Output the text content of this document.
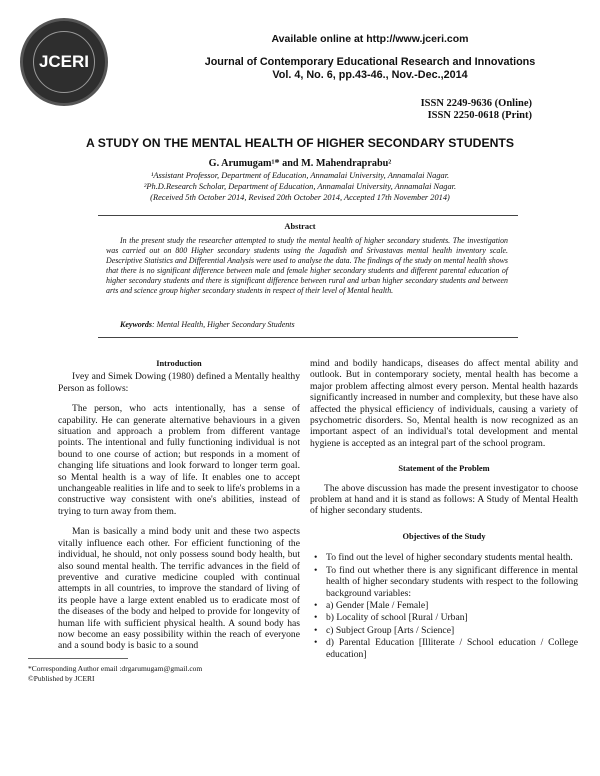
JCERI
Available online at http://www.jceri.com
Journal of Contemporary Educational Research and Innovations
Vol. 4, No. 6, pp.43-46., Nov.-Dec.,2014
ISSN 2249-9636 (Online)
ISSN 2250-0618 (Print)
A STUDY ON THE MENTAL HEALTH OF HIGHER SECONDARY STUDENTS
G. Arumugam¹* and M. Mahendraprabu²
¹Assistant Professor, Department of Education, Annamalai University, Annamalai Nagar.
²Ph.D.Research Scholar, Department of Education, Annamalai University, Annamalai Nagar.
(Received 5th October 2014, Revised 20th October 2014, Accepted 17th November 2014)
Abstract
In the present study the researcher attempted to study the mental health of higher secondary students. The investigation was carried out on 800 Higher secondary students using the Jagadish and Srivastavas mental health inventory scale. Descriptive Statistics and Differential Analysis were used to analyse the data. The findings of the study on mental health shows that there is no significant difference between male and female higher secondary students and different parental education of higher secondary students and there is significant difference between rural and urban higher secondary students and between arts and science group higher secondary students in respect of their level of Mental health.
Keywords: Mental Health, Higher Secondary Students
Introduction

Ivey and Simek Dowing (1980) defined a Mentally healthy Person as follows:

The person, who acts intentionally, has a sense of capability. He can generate alternative behaviours in a given situation and approach a problem from different vantage points. The intentional and fully functioning individual is not bound to one course of action; but responds in a moment of changing life situations and look forward to longer term goal. so Mental health is a way of life. It enables one to accept unchangeable realities in life and to seek to life's problems in a constructive way consistent with one's abilities, instead of trying to turn away from them.

Man is basically a mind body unit and these two aspects vitally influence each other. For efficient functioning of the individual, he should, not only possess sound body health, but also sound mental health. The terrific advances in the field of preventive and curative medicine coupled with continual attempts in all countries, to improve the standard of living of its people have a large extent enabled us to eradicate most of the diseases of the body and helped to provide for longevity of human life with sufficient physical health. A sound body has now become an easy possibility within the reach of everyone and a sound body is basic to a sound

*Corresponding Author email :drgarumugam@gmail.com
©Published by JCERI

mind and bodily handicaps, diseases do affect mental ability and outlook. But in contemporary society, mental health has become a major problem affecting almost every person. Mental health hazards significantly increased in number and complexity, but these have also affected the physical efficiency of individuals, causing a variety of psychometric disorders. So, Mental health is now recognized as an important aspect of an individual's total development and mental hygiene is accepted as an integral part of the school program.

Statement of the Problem

The above discussion has made the present investigator to choose problem at hand and it is stand as follows: A Study of Mental Health of higher secondary students.

Objectives of the Study
• To find out the level of higher secondary students mental health.
• To find out whether there is any significant difference in mental health of higher secondary students with respect to the following background variables:
• a) Gender [Male / Female]
• b) Locality of school [Rural / Urban]
• c) Subject Group [Arts / Science]
• d) Parental Education [Illiterate / School education / College education]
